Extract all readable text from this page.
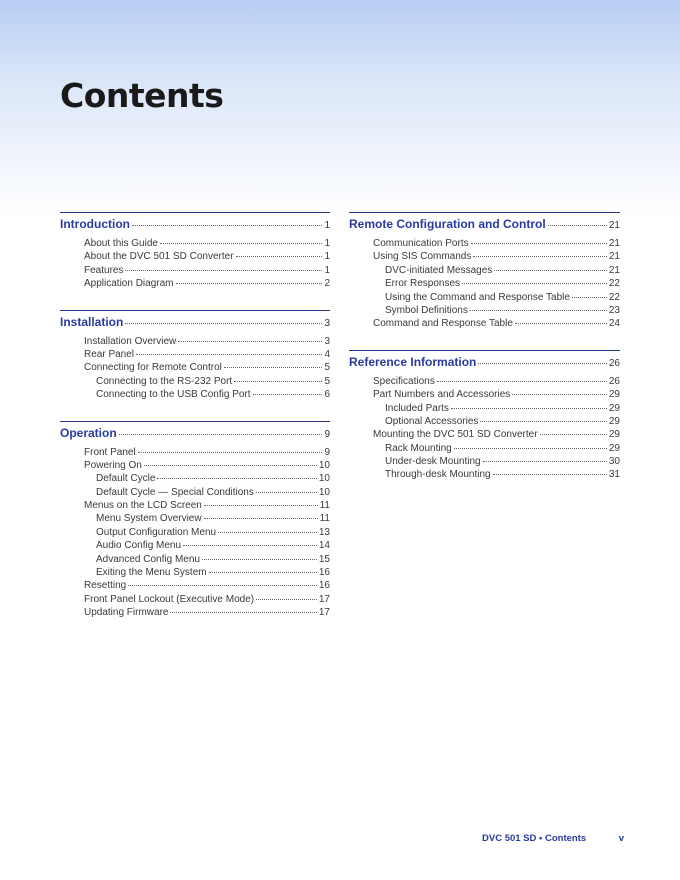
Contents
Introduction	1
About this Guide	1
About the DVC 501 SD Converter	1
Features	1
Application Diagram	2
Installation	3
Installation Overview	3
Rear Panel	4
Connecting for Remote Control	5
Connecting to the RS-232 Port	5
Connecting to the USB Config Port	6
Operation	9
Front Panel	9
Powering On	10
Default Cycle	10
Default Cycle — Special Conditions	10
Menus on the LCD Screen	11
Menu System Overview	11
Output Configuration Menu	13
Audio Config Menu	14
Advanced Config Menu	15
Exiting the Menu System	16
Resetting	16
Front Panel Lockout (Executive Mode)	17
Updating Firmware	17
Remote Configuration and Control	21
Communication Ports	21
Using SIS Commands	21
DVC-initiated Messages	21
Error Responses	22
Using the Command and Response Table	22
Symbol Definitions	23
Command and Response Table	24
Reference Information	26
Specifications	26
Part Numbers and Accessories	29
Included Parts	29
Optional Accessories	29
Mounting the DVC 501 SD Converter	29
Rack Mounting	29
Under-desk Mounting	30
Through-desk Mounting	31
DVC 501 SD • Contents	v
